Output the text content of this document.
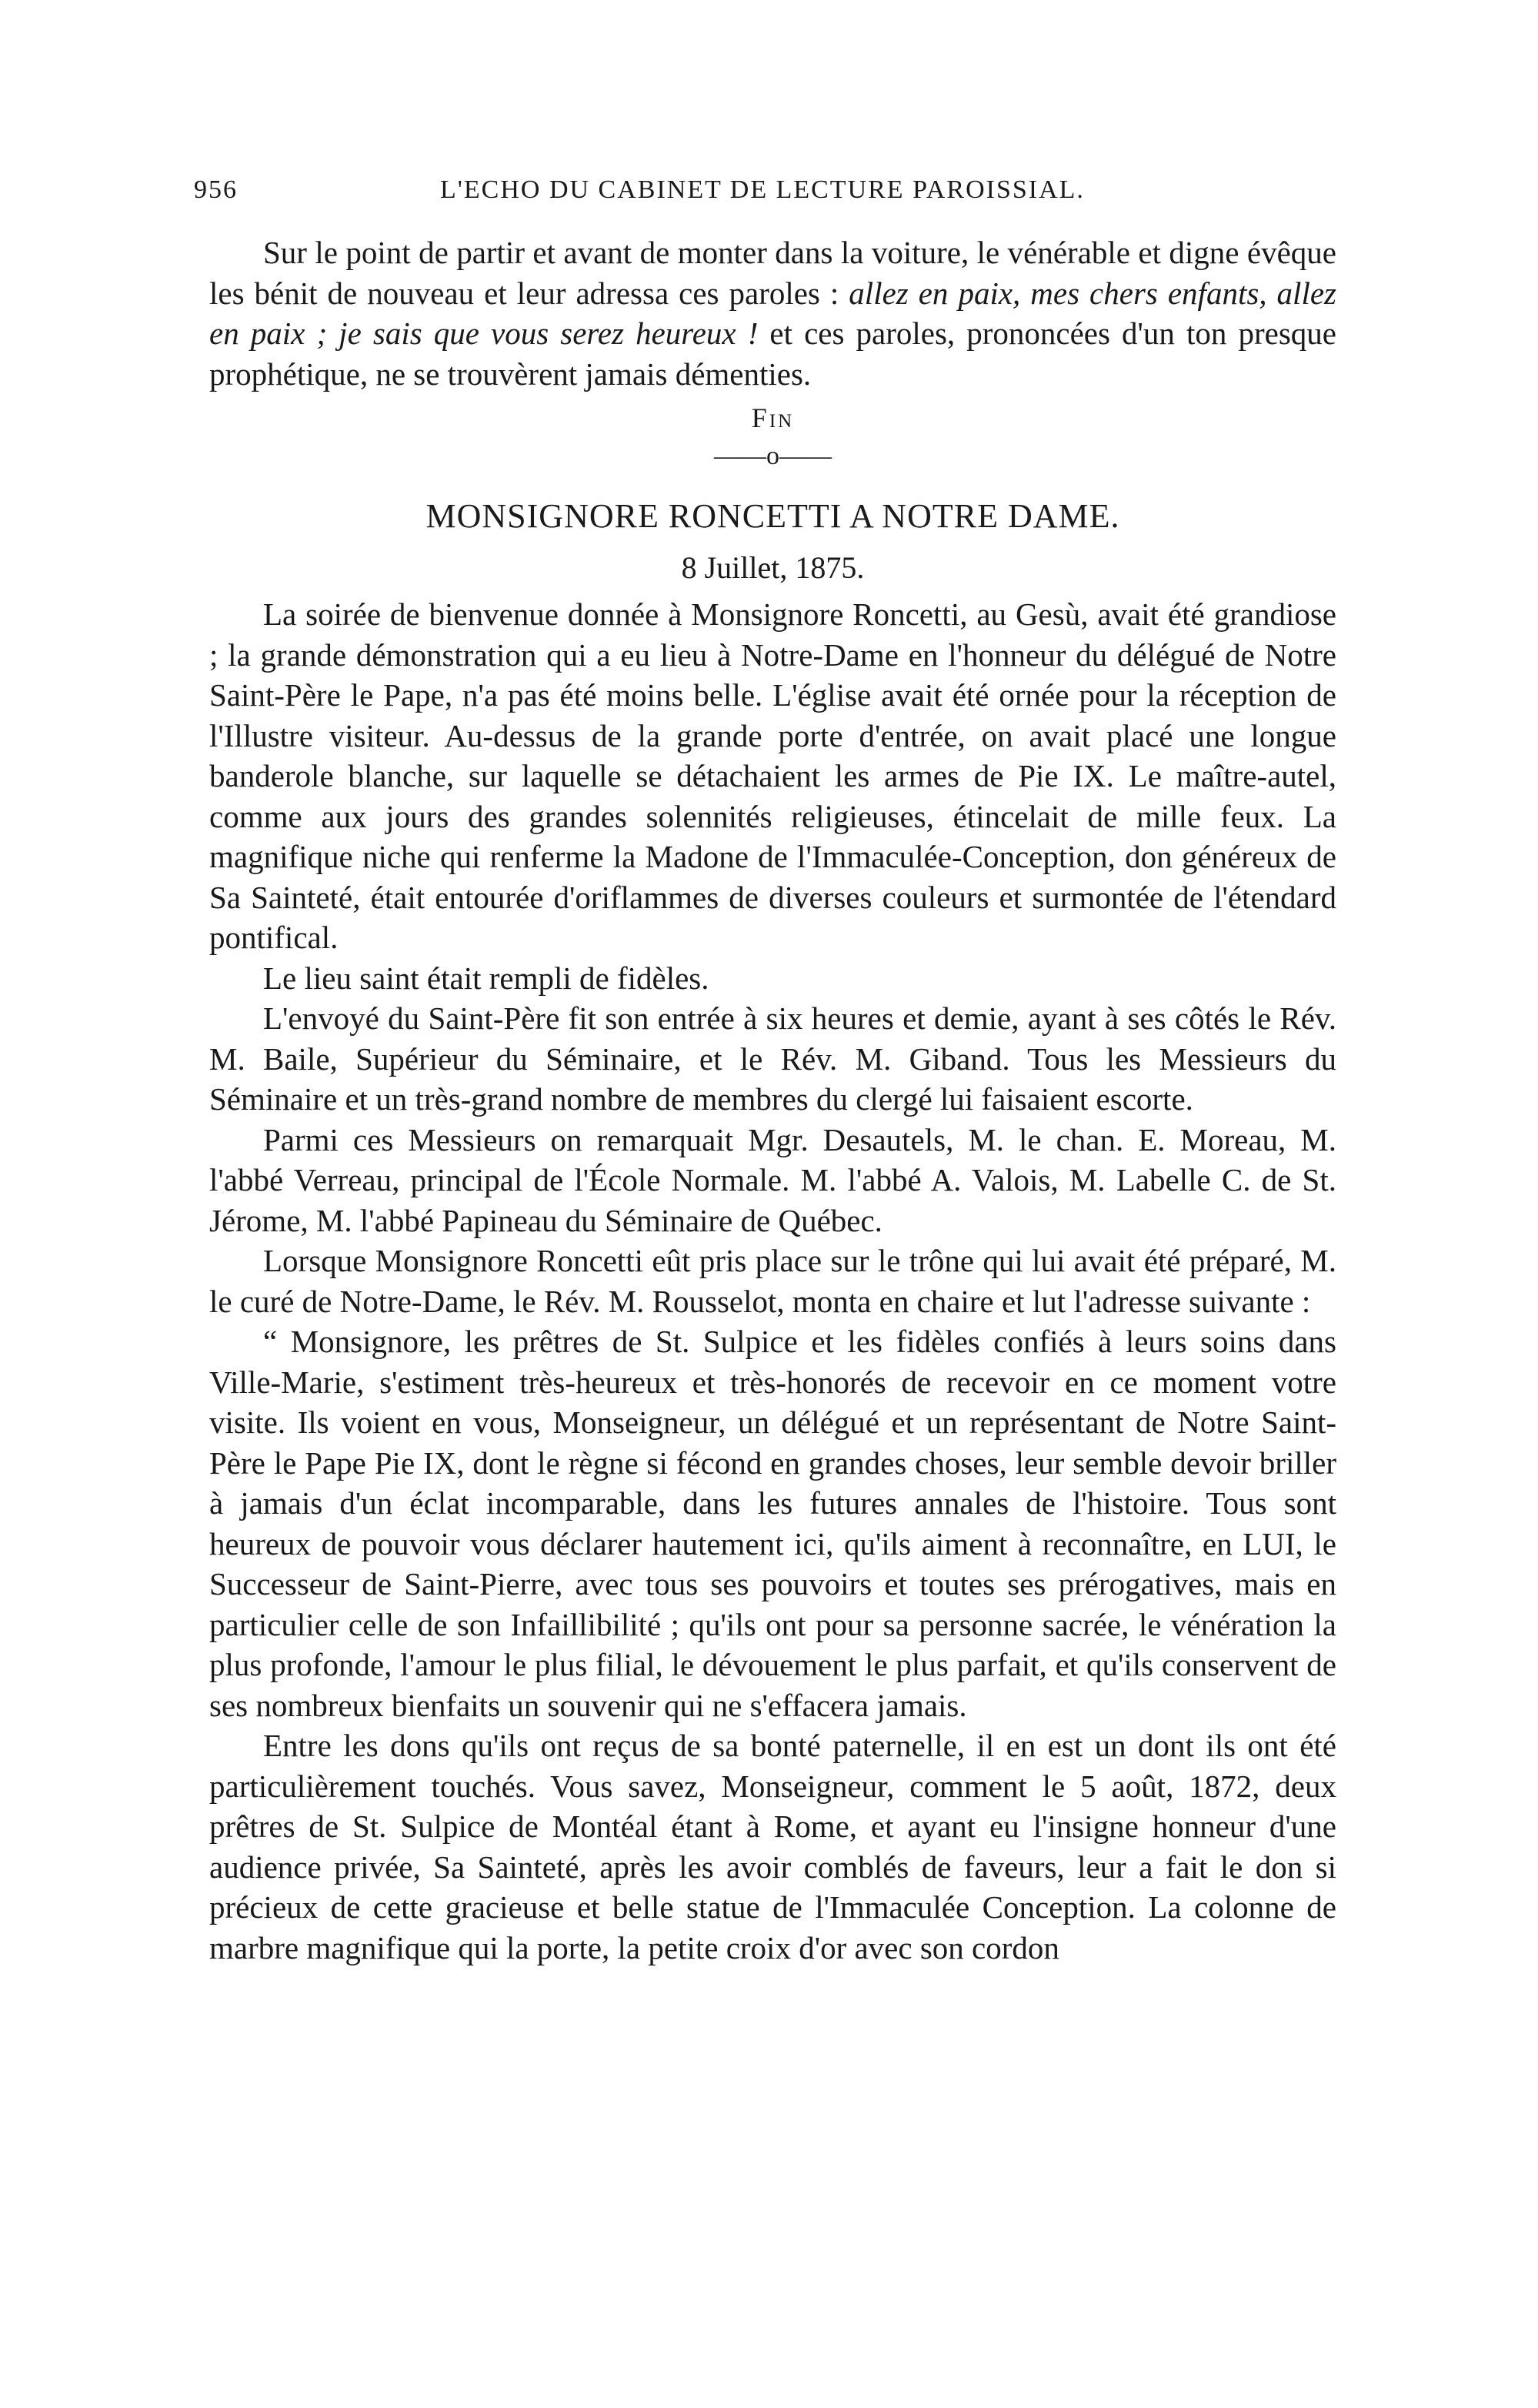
956	L'ECHO DU CABINET DE LECTURE PAROISSIAL.

Sur le point de partir et avant de monter dans la voiture, le vénérable et digne évêque les bénit de nouveau et leur adressa ces paroles : allez en paix, mes chers enfants, allez en paix ; je sais que vous serez heureux ! et ces paroles, prononcées d'un ton presque prophétique, ne se trouvèrent jamais démenties.

Fin
——o——
MONSIGNORE RONCETTI A NOTRE DAME.
8 Juillet, 1875.

La soirée de bienvenue donnée à Monsignore Roncetti, au Gesù, avait été grandiose ; la grande démonstration qui a eu lieu à Notre-Dame en l'honneur du délégué de Notre Saint-Père le Pape, n'a pas été moins belle. L'église avait été ornée pour la réception de l'Illustre visiteur. Au-dessus de la grande porte d'entrée, on avait placé une longue banderole blanche, sur laquelle se détachaient les armes de Pie IX. Le maître-autel, comme aux jours des grandes solennités religieuses, étincelait de mille feux. La magnifique niche qui renferme la Madone de l'Immaculée-Conception, don généreux de Sa Sainteté, était entourée d'oriflammes de diverses couleurs et surmontée de l'étendard pontifical.

Le lieu saint était rempli de fidèles.

L'envoyé du Saint-Père fit son entrée à six heures et demie, ayant à ses côtés le Rév. M. Baile, Supérieur du Séminaire, et le Rév. M. Giband. Tous les Messieurs du Séminaire et un très-grand nombre de membres du clergé lui faisaient escorte.

Parmi ces Messieurs on remarquait Mgr. Desautels, M. le chan. E. Moreau, M. l'abbé Verreau, principal de l'École Normale. M. l'abbé A. Valois, M. Labelle C. de St. Jérome, M. l'abbé Papineau du Séminaire de Québec.

Lorsque Monsignore Roncetti eût pris place sur le trône qui lui avait été préparé, M. le curé de Notre-Dame, le Rév. M. Rousselot, monta en chaire et lut l'adresse suivante :

“ Monsignore, les prêtres de St. Sulpice et les fidèles confiés à leurs soins dans Ville-Marie, s'estiment très-heureux et très-honorés de recevoir en ce moment votre visite. Ils voient en vous, Monseigneur, un délégué et un représentant de Notre Saint-Père le Pape Pie IX, dont le règne si fécond en grandes choses, leur semble devoir briller à jamais d'un éclat incomparable, dans les futures annales de l'histoire. Tous sont heureux de pouvoir vous déclarer hautement ici, qu'ils aiment à reconnaître, en LUI, le Successeur de Saint-Pierre, avec tous ses pouvoirs et toutes ses prérogatives, mais en particulier celle de son Infaillibilité ; qu'ils ont pour sa personne sacrée, le vénération la plus profonde, l'amour le plus filial, le dévouement le plus parfait, et qu'ils conservent de ses nombreux bienfaits un souvenir qui ne s'effacera jamais.

Entre les dons qu'ils ont reçus de sa bonté paternelle, il en est un dont ils ont été particulièrement touchés. Vous savez, Monseigneur, comment le 5 août, 1872, deux prêtres de St. Sulpice de Montéal étant à Rome, et ayant eu l'insigne honneur d'une audience privée, Sa Sainteté, après les avoir comblés de faveurs, leur a fait le don si précieux de cette gracieuse et belle statue de l'Immaculée Conception. La colonne de marbre magnifique qui la porte, la petite croix d'or avec son cordon
